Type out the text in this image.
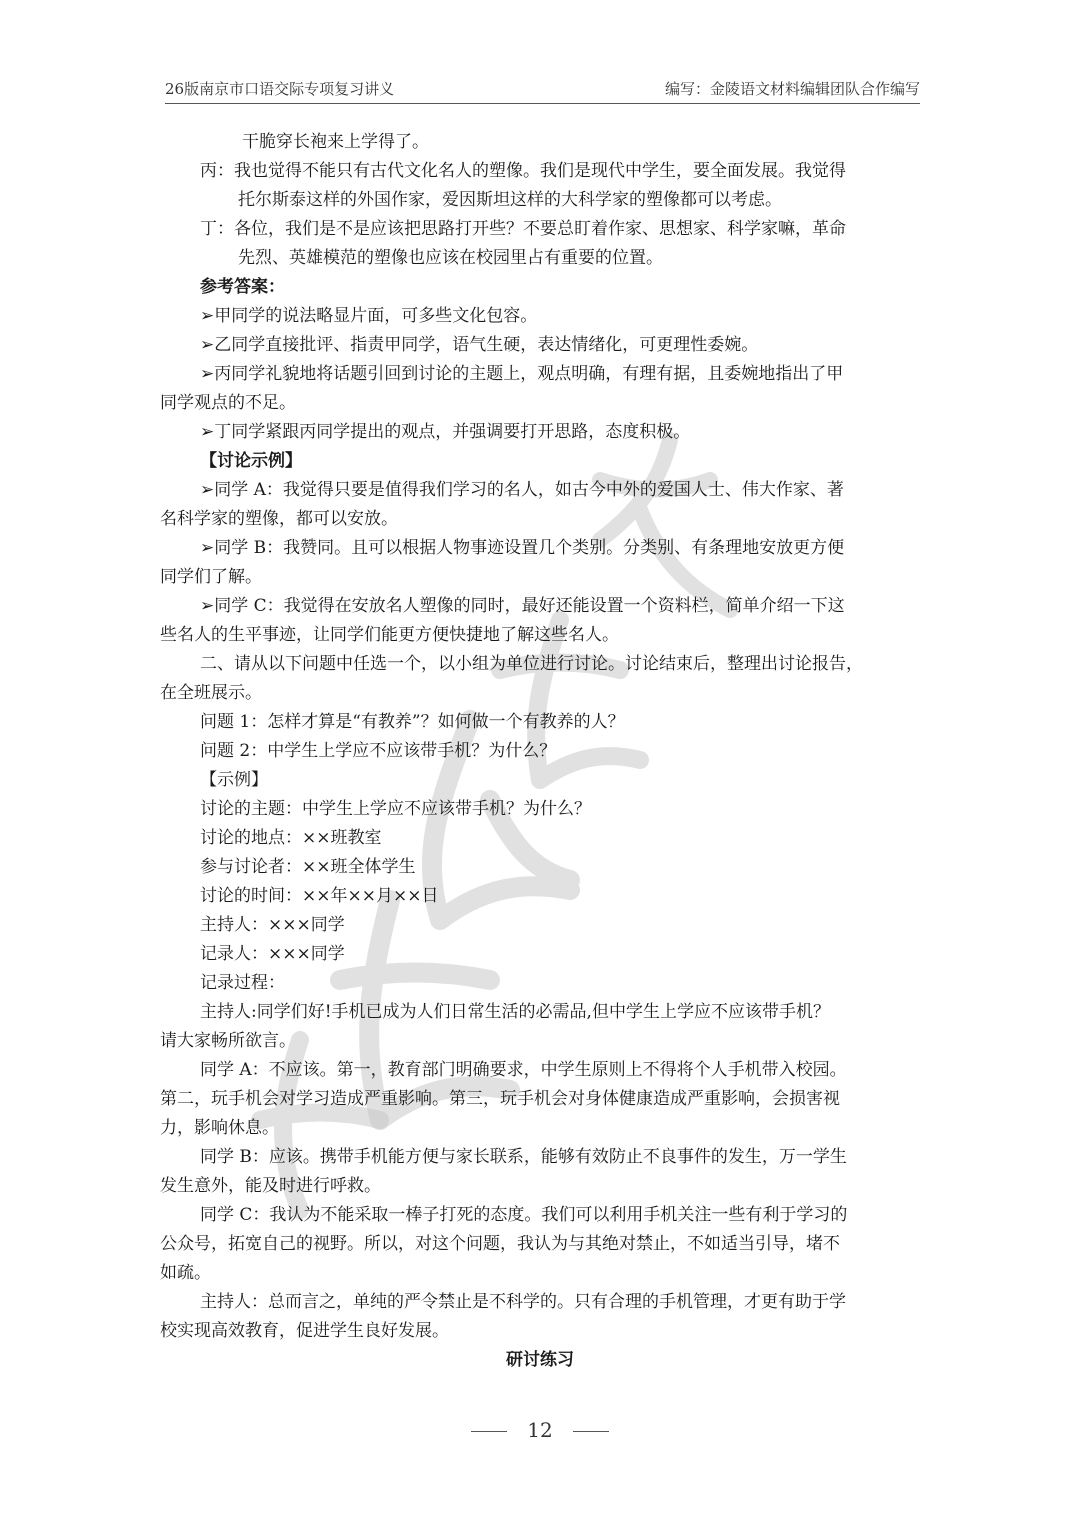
26版南京市口语交际专项复习讲义	编写：金陵语文材料编辑团队合作编写
干脆穿长袍来上学得了。
丙：我也觉得不能只有古代文化名人的塑像。我们是现代中学生，要全面发展。我觉得
托尔斯泰这样的外国作家，爱因斯坦这样的大科学家的塑像都可以考虑。
丁：各位，我们是不是应该把思路打开些？不要总盯着作家、思想家、科学家嘛，革命
先烈、英雄模范的塑像也应该在校园里占有重要的位置。
参考答案：
➢甲同学的说法略显片面，可多些文化包容。
➢乙同学直接批评、指责甲同学，语气生硬，表达情绪化，可更理性委婉。
➢丙同学礼貌地将话题引回到讨论的主题上，观点明确，有理有据，且委婉地指出了甲
同学观点的不足。
➢丁同学紧跟丙同学提出的观点，并强调要打开思路，态度积极。
【讨论示例】
➢同学 A：我觉得只要是值得我们学习的名人，如古今中外的爱国人士、伟大作家、著
名科学家的塑像，都可以安放。
➢同学 B：我赞同。且可以根据人物事迹设置几个类别。分类别、有条理地安放更方便
同学们了解。
➢同学 C：我觉得在安放名人塑像的同时，最好还能设置一个资料栏，简单介绍一下这
些名人的生平事迹，让同学们能更方便快捷地了解这些名人。
二、请从以下问题中任选一个，以小组为单位进行讨论。讨论结束后，整理出讨论报告，
在全班展示。
问题 1：怎样才算是“有教养”？如何做一个有教养的人？
问题 2：中学生上学应不应该带手机？为什么？
【示例】
讨论的主题：中学生上学应不应该带手机？为什么？
讨论的地点：××班教室
参与讨论者：××班全体学生
讨论的时间：××年××月××日
主持人：×××同学
记录人：×××同学
记录过程：
主持人:同学们好!手机已成为人们日常生活的必需品,但中学生上学应不应该带手机？
请大家畅所欲言。
同学 A：不应该。第一，教育部门明确要求，中学生原则上不得将个人手机带入校园。
第二，玩手机会对学习造成严重影响。第三，玩手机会对身体健康造成严重影响，会损害视
力，影响休息。
同学 B：应该。携带手机能方便与家长联系，能够有效防止不良事件的发生，万一学生
发生意外，能及时进行呼救。
同学 C：我认为不能采取一棒子打死的态度。我们可以利用手机关注一些有利于学习的
公众号，拓宽自己的视野。所以，对这个问题，我认为与其绝对禁止，不如适当引导，堵不
如疏。
主持人：总而言之，单纯的严令禁止是不科学的。只有合理的手机管理，才更有助于学
校实现高效教育，促进学生良好发展。
研讨练习
12
